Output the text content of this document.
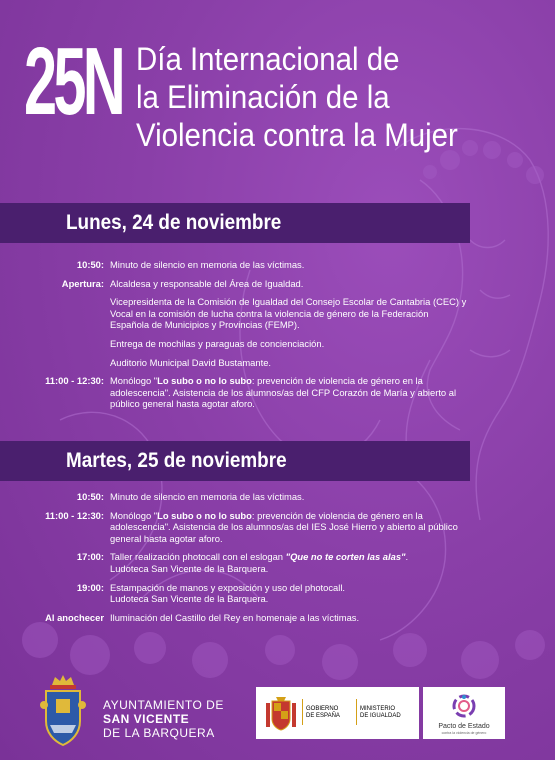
25N Día Internacional de
la Eliminación de la
Violencia contra la Mujer
Lunes, 24 de noviembre
10:50: Minuto de silencio en memoria de las víctimas.
Apertura: Alcaldesa y responsable del Área de Igualdad.

Vicepresidenta de la Comisión de Igualdad del Consejo Escolar de Cantabria (CEC) y Vocal en la comisión de lucha contra la violencia de género de la Federación Española de Municipios y Provincias (FEMP).

Entrega de mochilas y paraguas de concienciación.

Auditorio Municipal David Bustamante.

11:00 - 12:30: Monólogo "Lo subo o no lo subo: prevención de violencia de género en la adolescencia". Asistencia de los alumnos/as del CFP Corazón de María y abierto al público general hasta agotar aforo.
Martes, 25 de noviembre
10:50: Minuto de silencio en memoria de las víctimas.
11:00 - 12:30: Monólogo "Lo subo o no lo subo: prevención de violencia de género en la adolescencia". Asistencia de los alumnos/as del IES José Hierro y abierto al público general hasta agotar aforo.
17:00: Taller realización photocall con el eslogan "Que no te corten las alas".
Ludoteca San Vicente de la Barquera.
19:00: Estampación de manos y exposición y uso del photocall.
Ludoteca San Vicente de la Barquera.
Al anochecer Iluminación del Castillo del Rey en homenaje a las víctimas.
AYUNTAMIENTO DE
SAN VICENTE
DE LA BARQUERA
GOBIERNO
DE ESPAÑA
MINISTERIO
DE IGUALDAD
Pacto de Estado
contra la violencia de género
